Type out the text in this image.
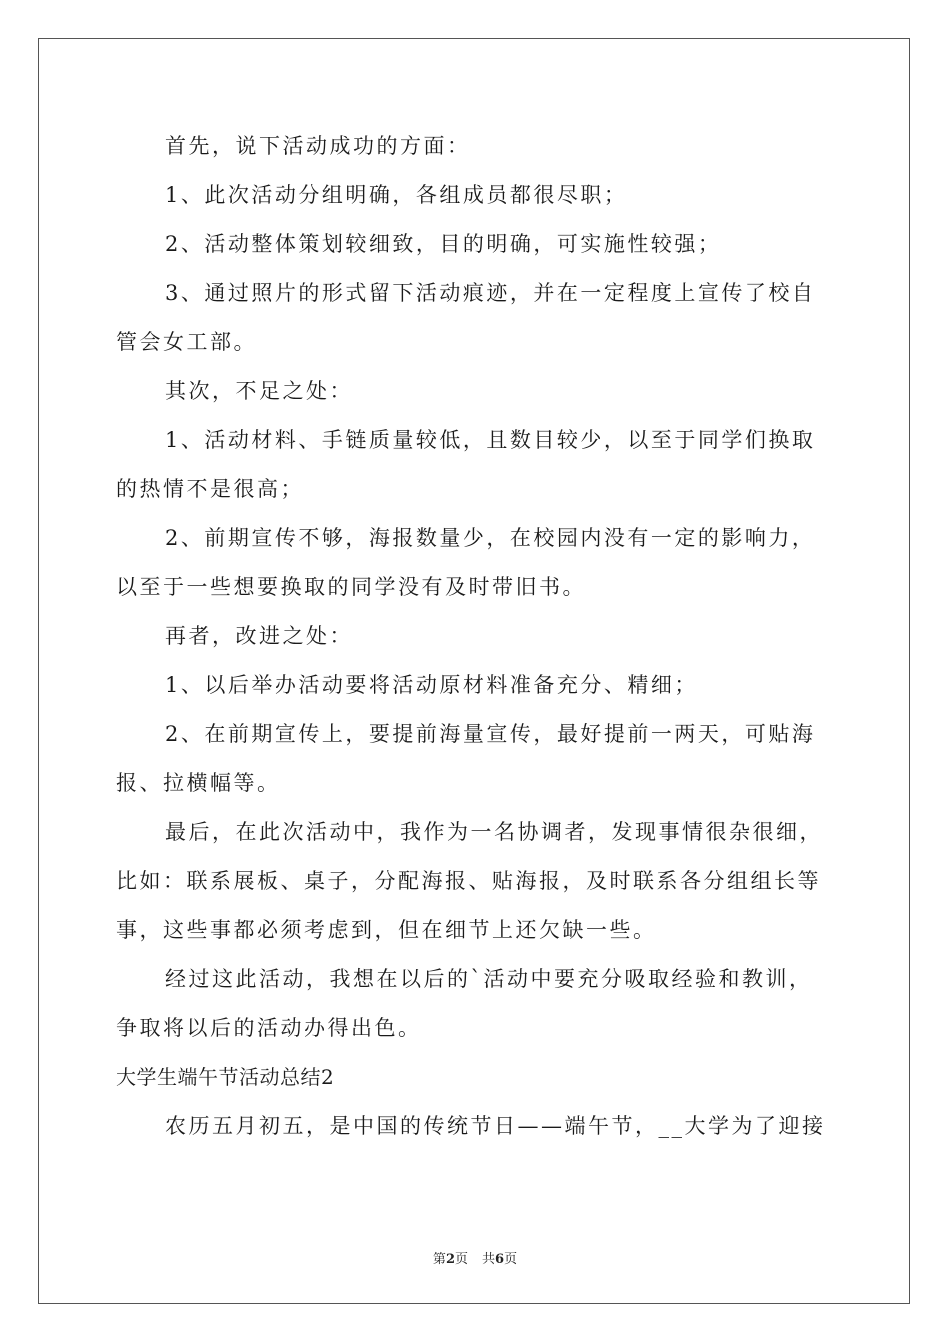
首先，说下活动成功的方面：
1、此次活动分组明确，各组成员都很尽职；
2、活动整体策划较细致，目的明确，可实施性较强；
3、通过照片的形式留下活动痕迹，并在一定程度上宣传了校自
管会女工部。
其次，不足之处：
1、活动材料、手链质量较低，且数目较少，以至于同学们换取
的热情不是很高；
2、前期宣传不够，海报数量少，在校园内没有一定的影响力，
以至于一些想要换取的同学没有及时带旧书。
再者，改进之处：
1、以后举办活动要将活动原材料准备充分、精细；
2、在前期宣传上，要提前海量宣传，最好提前一两天，可贴海
报、拉横幅等。
最后，在此次活动中，我作为一名协调者，发现事情很杂很细，
比如：联系展板、桌子，分配海报、贴海报，及时联系各分组组长等
事，这些事都必须考虑到，但在细节上还欠缺一些。
经过这此活动，我想在以后的`活动中要充分吸取经验和教训，
争取将以后的活动办得出色。
大学生端午节活动总结2
农历五月初五，是中国的传统节日——端午节，__大学为了迎接
第2页 共6页
